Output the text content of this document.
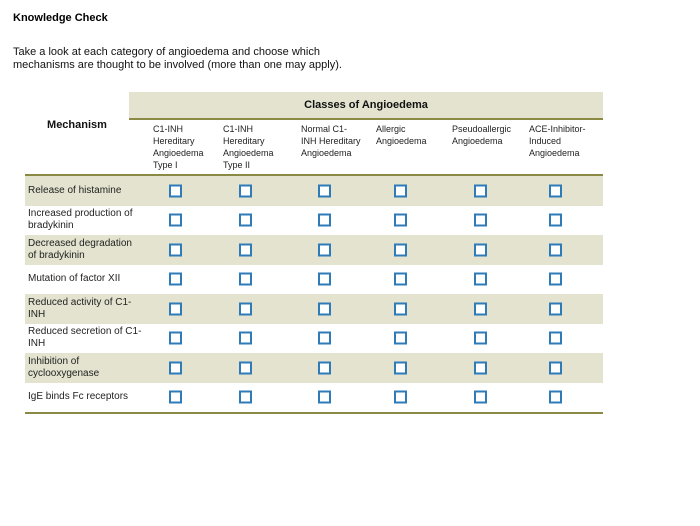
Knowledge Check
Take a look at each category of angioedema and choose which mechanisms are thought to be involved (more than one may apply).
Classes of Angioedema
Mechanism	C1-INH Hereditary Angioedema Type I
C1-INH Hereditary Angioedema Type II
Normal C1-INH Hereditary Angioedema
Allergic Angioedema
Pseudoallergic Angioedema
ACE-Inhibitor-Induced Angioedema
Release of histamine
Increased production of bradykinin
Decreased degradation of bradykinin
Mutation of factor XII
Reduced activity of C1-INH
Reduced secretion of C1-INH
Inhibition of cyclooxygenase
IgE binds Fc receptors
